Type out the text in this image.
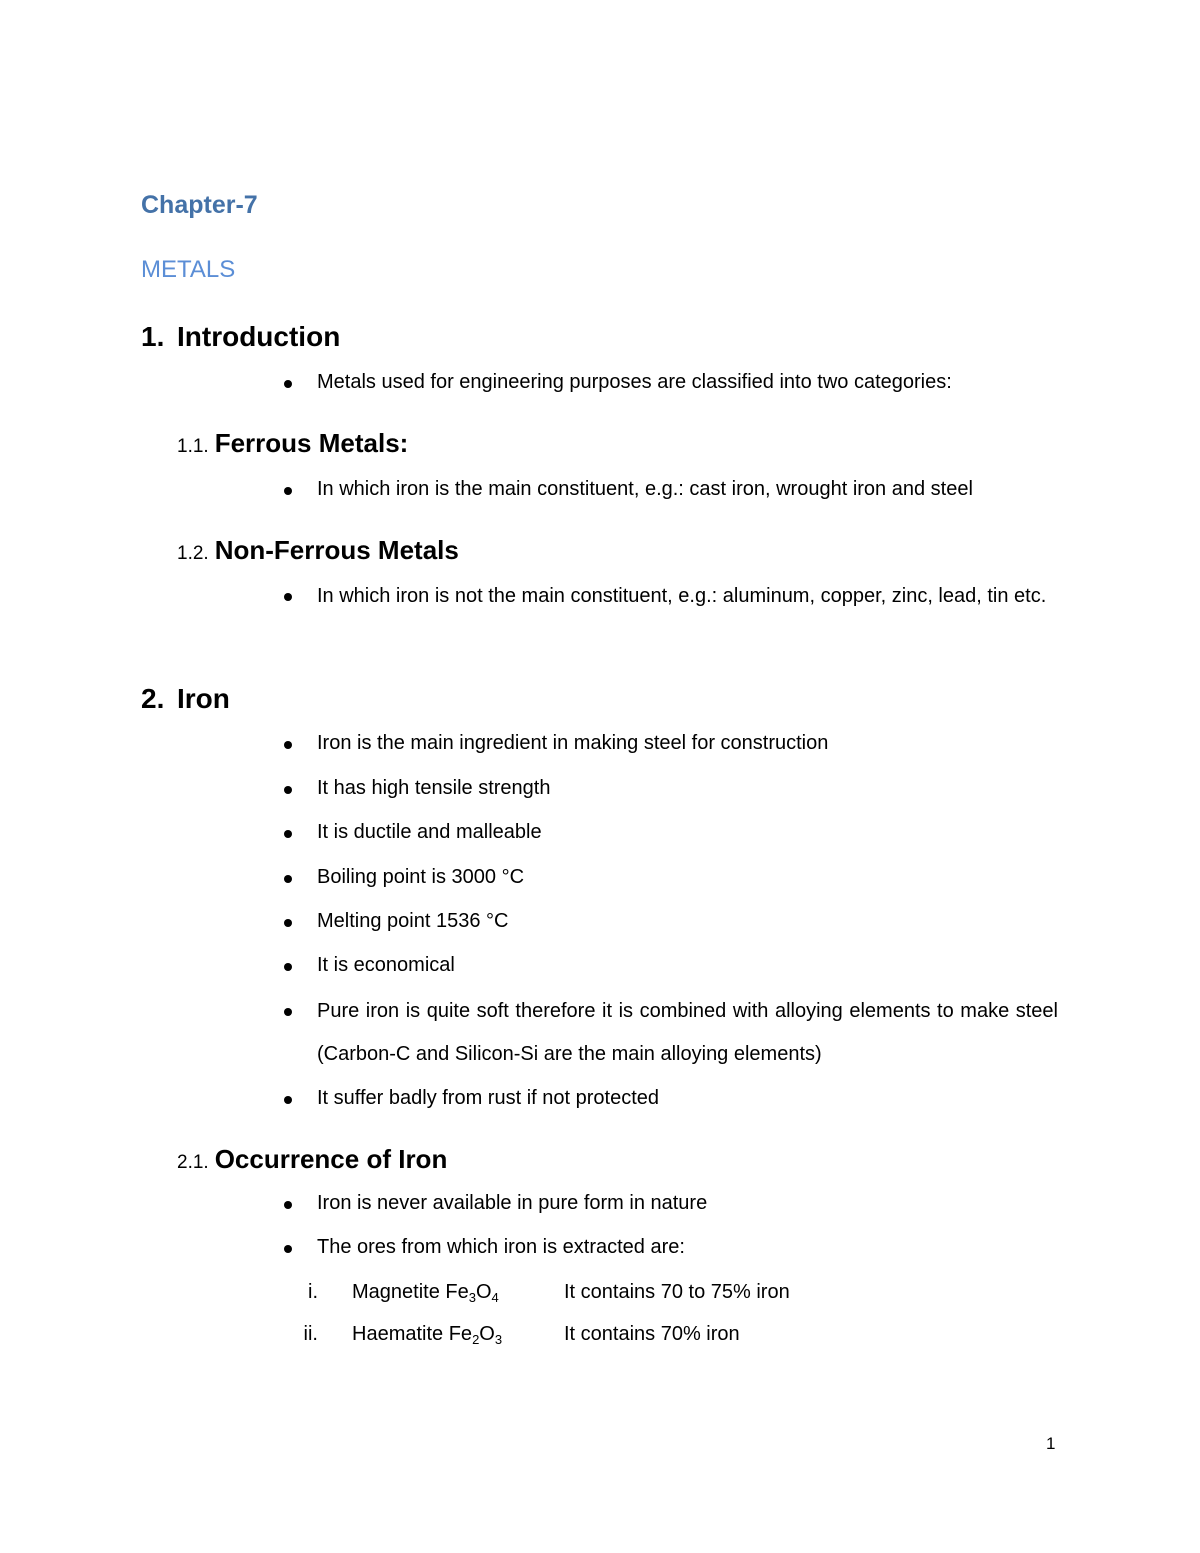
Chapter-7
METALS
1. Introduction
Metals used for engineering purposes are classified into two categories:
1.1. Ferrous Metals:
In which iron is the main constituent, e.g.: cast iron, wrought iron and steel
1.2. Non-Ferrous Metals
In which iron is not the main constituent, e.g.: aluminum, copper, zinc, lead, tin etc.
2. Iron
Iron is the main ingredient in making steel for construction
It has high tensile strength
It is ductile and malleable
Boiling point is 3000 °C
Melting point 1536 °C
It is economical
Pure iron is quite soft therefore it is combined with alloying elements to make steel (Carbon-C and Silicon-Si are the main alloying elements)
It suffer badly from rust if not protected
2.1. Occurrence of Iron
Iron is never available in pure form in nature
The ores from which iron is extracted are:
i. Magnetite $Fe_3O_4$	It contains 70 to 75% iron
ii. Haematite $Fe_2O_3$	It contains 70% iron
1
